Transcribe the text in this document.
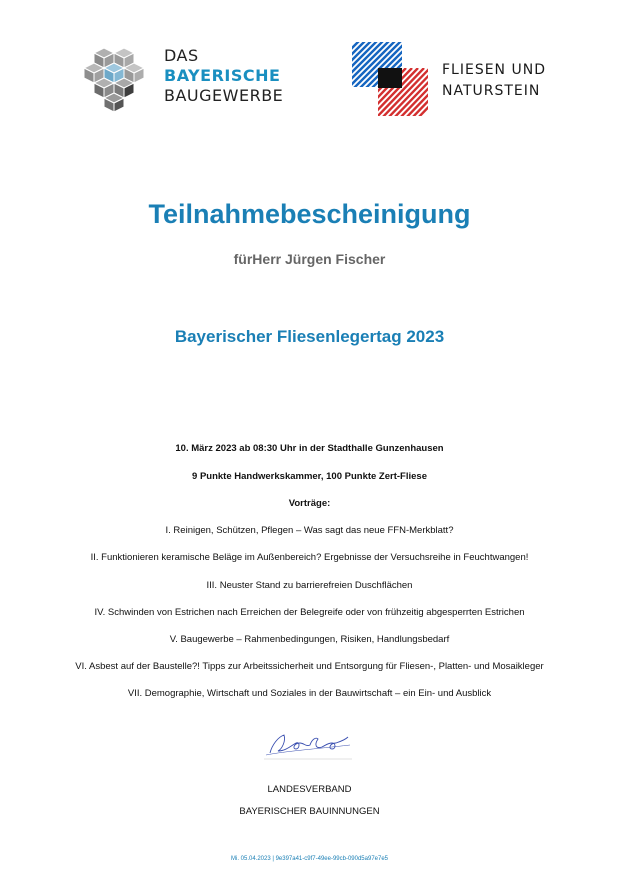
DAS
BAYERISCHE
BAUGEWERBE
FLIESEN UND
NATURSTEIN
Teilnahmebescheinigung
fürHerr Jürgen Fischer
Bayerischer Fliesenlegertag 2023
10. März 2023 ab 08:30 Uhr in der Stadthalle Gunzenhausen
9 Punkte Handwerkskammer, 100 Punkte Zert-Fliese
Vorträge:
I. Reinigen, Schützen, Pflegen – Was sagt das neue FFN-Merkblatt?
II. Funktionieren keramische Beläge im Außenbereich? Ergebnisse der Versuchsreihe in Feuchtwangen!
III. Neuster Stand zu barrierefreien Duschflächen
IV. Schwinden von Estrichen nach Erreichen der Belegreife oder von frühzeitig abgesperrten Estrichen
V. Baugewerbe – Rahmenbedingungen, Risiken, Handlungsbedarf
VI. Asbest auf der Baustelle?! Tipps zur Arbeitssicherheit und Entsorgung für Fliesen-, Platten- und Mosaikleger
VII. Demographie, Wirtschaft und Soziales in der Bauwirtschaft – ein Ein- und Ausblick
LANDESVERBAND
BAYERISCHER BAUINNUNGEN
Mi. 05.04.2023 | 9e397a41-c9f7-49ee-99cb-090d5a97e7e5
